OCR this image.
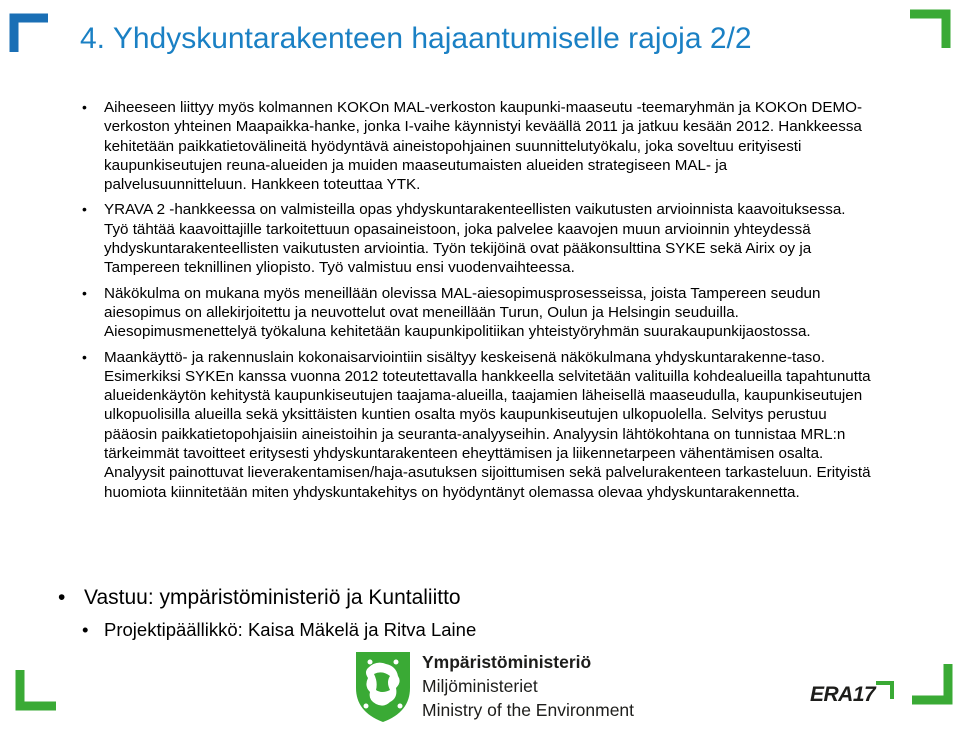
4. Yhdyskuntarakenteen hajaantumiselle rajoja 2/2
• Aiheeseen liittyy myös kolmannen KOKOn MAL-verkoston kaupunki-maaseutu -teemaryhmän ja KOKOn DEMO-verkoston yhteinen Maapaikka-hanke, jonka I-vaihe käynnistyi keväällä 2011 ja jatkuu kesään 2012. Hankkeessa kehitetään paikkatietovälineitä hyödyntävä aineistopohjainen suunnittelutyökalu, joka soveltuu erityisesti kaupunkiseutujen reuna-alueiden ja muiden maaseutumaisten alueiden strategiseen MAL- ja palvelusuunnitteluun. Hankkeen toteuttaa YTK.
• YRAVA 2 -hankkeessa on valmisteilla opas yhdyskuntarakenteellisten vaikutusten arvioinnista kaavoituksessa. Työ tähtää kaavoittajille tarkoitettuun opasaineistoon, joka palvelee kaavojen muun arvioinnin yhteydessä yhdyskuntarakenteellisten vaikutusten arviointia. Työn tekijöinä ovat pääkonsulttina SYKE sekä Airix oy ja Tampereen teknillinen yliopisto. Työ valmistuu ensi vuodenvaihteessa.
• Näkökulma on mukana myös meneillään olevissa MAL-aiesopimusprosesseissa, joista Tampereen seudun aiesopimus on allekirjoitettu ja neuvottelut ovat meneillään Turun, Oulun ja Helsingin seuduilla. Aiesopimusmenettelyä työkaluna kehitetään kaupunkipolitiikan yhteistyöryhmän suurakaupunkijaostossa.
• Maankäyttö- ja rakennuslain kokonaisarviointiin sisältyy keskeisenä näkökulmana yhdyskuntarakenne-taso. Esimerkiksi SYKEn kanssa vuonna 2012 toteutettavalla hankkeella selvitetään valituilla kohdealueilla tapahtunutta alueidenkäytön kehitystä kaupunkiseutujen taajama-alueilla, taajamien läheisellä maaseudulla, kaupunkiseutujen ulkopuolisilla alueilla sekä yksittäisten kuntien osalta myös kaupunkiseutujen ulkopuolella. Selvitys perustuu pääosin paikkatietopohjaisiin aineistoihin ja seuranta-analyyseihin. Analyysin lähtökohtana on tunnistaa MRL:n tärkeimmät tavoitteet eritysesti yhdyskuntarakenteen eheyttämisen ja liikennetarpeen vähentämisen osalta. Analyysit painottuvat lieverakentamisen/haja-asutuksen sijoittumisen sekä palvelurakenteen tarkasteluun. Erityistä huomiota kiinnitetään miten yhdyskuntakehitys on hyödyntänyt olemassa olevaa yhdyskuntarakennetta.
• Vastuu: ympäristöministeriö ja Kuntaliitto
• Projektipäällikkö: Kaisa Mäkelä ja Ritva Laine
Ympäristöministeriö
Miljöministeriet
Ministry of the Environment
ERA17
